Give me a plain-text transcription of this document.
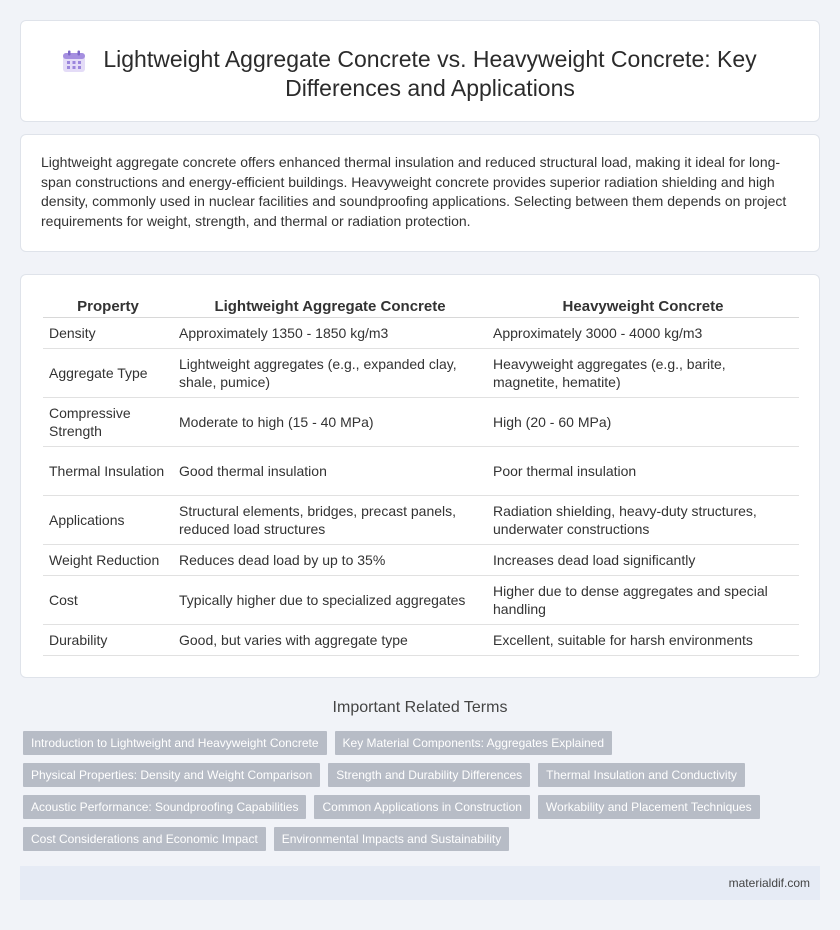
Lightweight Aggregate Concrete vs. Heavyweight Concrete: Key Differences and Applications

Lightweight aggregate concrete offers enhanced thermal insulation and reduced structural load, making it ideal for long-span constructions and energy-efficient buildings. Heavyweight concrete provides superior radiation shielding and high density, commonly used in nuclear facilities and soundproofing applications. Selecting between them depends on project requirements for weight, strength, and thermal or radiation protection.

Property	Lightweight Aggregate Concrete	Heavyweight Concrete
Density	Approximately 1350 - 1850 kg/m3	Approximately 3000 - 4000 kg/m3
Aggregate Type	Lightweight aggregates (e.g., expanded clay, shale, pumice)	Heavyweight aggregates (e.g., barite, magnetite, hematite)
Compressive Strength	Moderate to high (15 - 40 MPa)	High (20 - 60 MPa)
Thermal Insulation	Good thermal insulation	Poor thermal insulation
Applications	Structural elements, bridges, precast panels, reduced load structures	Radiation shielding, heavy-duty structures, underwater constructions
Weight Reduction	Reduces dead load by up to 35%	Increases dead load significantly
Cost	Typically higher due to specialized aggregates	Higher due to dense aggregates and special handling
Durability	Good, but varies with aggregate type	Excellent, suitable for harsh environments
Important Related Terms
Introduction to Lightweight and Heavyweight Concrete	Key Material Components: Aggregates Explained
Physical Properties: Density and Weight Comparison	Strength and Durability Differences	Thermal Insulation and Conductivity
Acoustic Performance: Soundproofing Capabilities	Common Applications in Construction	Workability and Placement Techniques
Cost Considerations and Economic Impact	Environmental Impacts and Sustainability
materialdif.com
